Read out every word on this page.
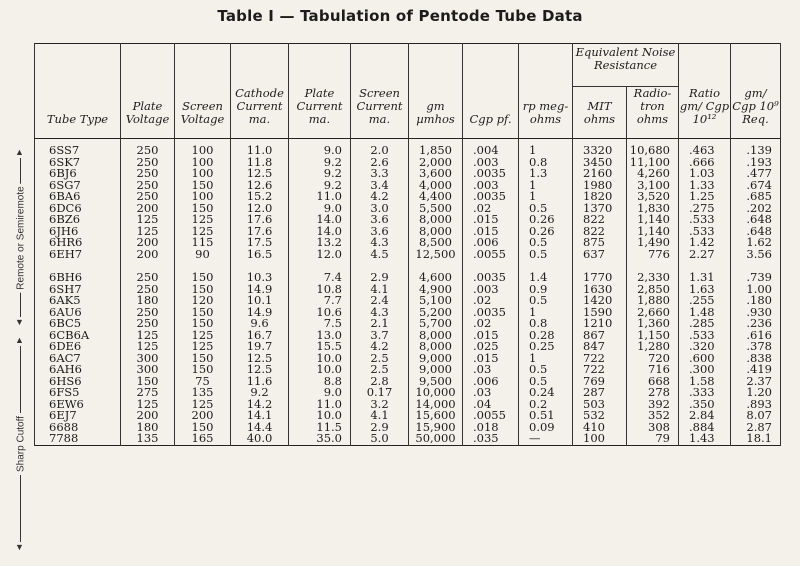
Table I — Tabulation of Pentode Tube Data
▲
Remote or Semiremote
▼
▲
Sharp Cutoff
▼
Tube Type	Plate Voltage	Screen Voltage	Cathode Current ma.	Plate Current ma.	Screen Current ma.	gm µmhos	Cgp pf.	rp meg-ohms	Equivalent Noise Resistance		Ratio gm/ Cgp 10¹²	gm/ Cgp 10⁹ Req.
									MIT ohms	Radio-tron ohms		

6SS7	250	100	11.0	9.0	2.0	1,850	.004	1	3320	10,680	.463	.139
6SK7	250	100	11.8	9.2	2.6	2,000	.003	0.8	3450	11,100	.666	.193
6BJ6	250	100	12.5	9.2	3.3	3,600	.0035	1.3	2160	4,260	1.03	.477
6SG7	250	150	12.6	9.2	3.4	4,000	.003	1	1980	3,100	1.33	.674
6BA6	250	100	15.2	11.0	4.2	4,400	.0035	1	1820	3,520	1.25	.685
6DC6	200	150	12.0	9.0	3.0	5,500	.02	0.5	1370	1,830	.275	.202
6BZ6	125	125	17.6	14.0	3.6	8,000	.015	0.26	822	1,140	.533	.648
6JH6	125	125	17.6	14.0	3.6	8,000	.015	0.26	822	1,140	.533	.648
6HR6	200	115	17.5	13.2	4.3	8,500	.006	0.5	875	1,490	1.42	1.62
6EH7	200	90	16.5	12.0	4.5	12,500	.0055	0.5	637	776	2.27	3.56

6BH6	250	150	10.3	7.4	2.9	4,600	.0035	1.4	1770	2,330	1.31	.739
6SH7	250	150	14.9	10.8	4.1	4,900	.003	0.9	1630	2,850	1.63	1.00
6AK5	180	120	10.1	7.7	2.4	5,100	.02	0.5	1420	1,880	.255	.180
6AU6	250	150	14.9	10.6	4.3	5,200	.0035	1	1590	2,660	1.48	.930
6BC5	250	150	9.6	7.5	2.1	5,700	.02	0.8	1210	1,360	.285	.236
6CB6A	125	125	16.7	13.0	3.7	8,000	.015	0.28	867	1,150	.533	.616
6DE6	125	125	19.7	15.5	4.2	8,000	.025	0.25	847	1,280	.320	.378
6AC7	300	150	12.5	10.0	2.5	9,000	.015	1	722	720	.600	.838
6AH6	300	150	12.5	10.0	2.5	9,000	.03	0.5	722	716	.300	.419
6HS6	150	75	11.6	8.8	2.8	9,500	.006	0.5	769	668	1.58	2.37
6FS5	275	135	9.2	9.0	0.17	10,000	.03	0.24	287	278	.333	1.20
6EW6	125	125	14.2	11.0	3.2	14,000	.04	0.2	503	392	.350	.893
6EJ7	200	200	14.1	10.0	4.1	15,600	.0055	0.51	532	352	2.84	8.07
6688	180	150	14.4	11.5	2.9	15,900	.018	0.09	410	308	.884	2.87
7788	135	165	40.0	35.0	5.0	50,000	.035	—	100	79	1.43	18.1
